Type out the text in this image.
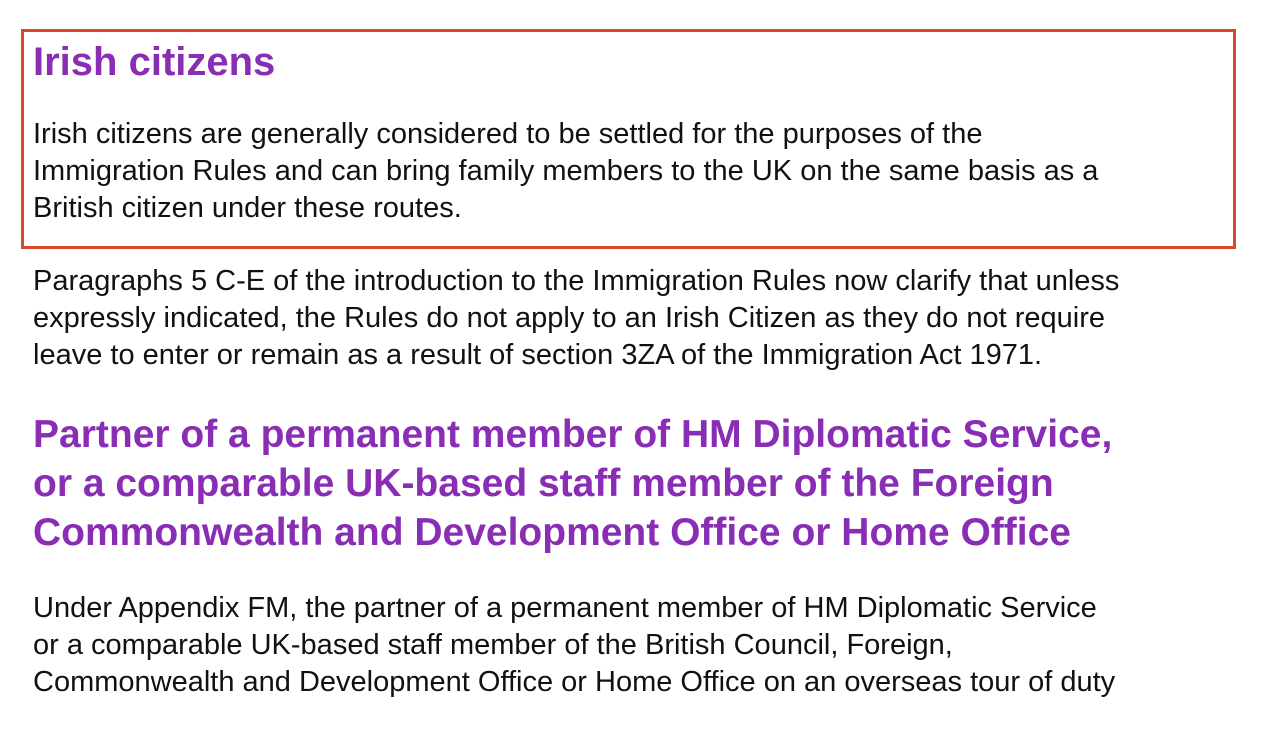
Irish citizens

Irish citizens are generally considered to be settled for the purposes of the
Immigration Rules and can bring family members to the UK on the same basis as a
British citizen under these routes.

Paragraphs 5 C-E of the introduction to the Immigration Rules now clarify that unless
expressly indicated, the Rules do not apply to an Irish Citizen as they do not require
leave to enter or remain as a result of section 3ZA of the Immigration Act 1971.

Partner of a permanent member of HM Diplomatic Service,
or a comparable UK-based staff member of the Foreign
Commonwealth and Development Office or Home Office

Under Appendix FM, the partner of a permanent member of HM Diplomatic Service
or a comparable UK-based staff member of the British Council, Foreign,
Commonwealth and Development Office or Home Office on an overseas tour of duty
